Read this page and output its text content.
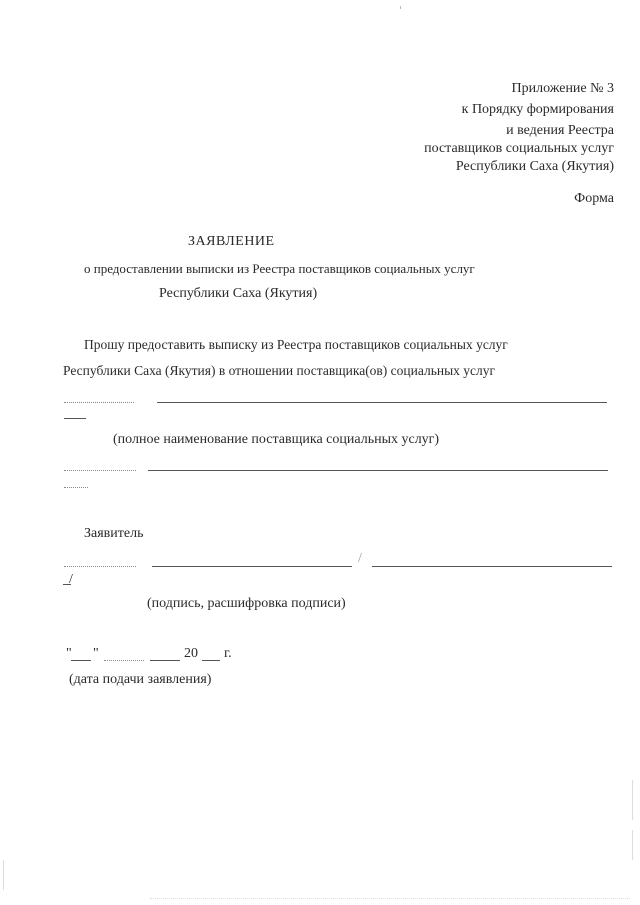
Приложение № 3
к Порядку формирования
и ведения Реестра
поставщиков социальных услуг
Республики Саха (Якутия)
Форма
ЗАЯВЛЕНИЕ
о предоставлении выписки из Реестра поставщиков социальных услуг
Республики Саха (Якутия)
Прошу предоставить выписку из Реестра поставщиков социальных услуг
Республики Саха (Якутия) в отношении поставщика(ов) социальных услуг
(полное наименование поставщика социальных услуг)
Заявитель
/
/
(подпись, расшифровка подписи)
" "	20 г.
(дата подачи заявления)
